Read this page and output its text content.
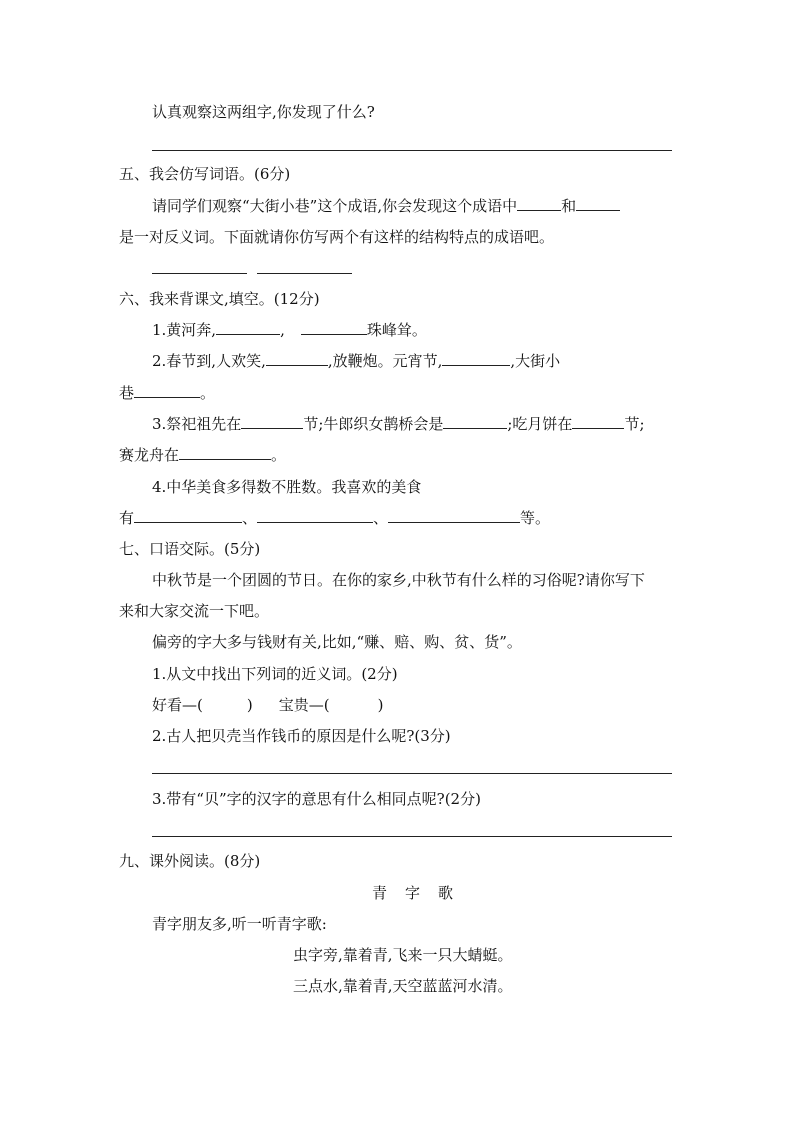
认真观察这两组字,你发现了什么?
五、我会仿写词语。(6分)
请同学们观察“大街小巷”这个成语,你会发现这个成语中	和
是一对反义词。下面就请你仿写两个有这样的结构特点的成语吧。
六、我来背课文,填空。(12分)
1.黄河奔,	,	珠峰耸。
2.春节到,人欢笑,	,放鞭炮。元宵节,	,大街小
巷	。
3.祭祀祖先在	节;牛郎织女鹊桥会是	;吃月饼在	节;
赛龙舟在	。
4.中华美食多得数不胜数。我喜欢的美食
有	、	、	等。
七、口语交际。(5分)
中秋节是一个团圆的节日。在你的家乡,中秋节有什么样的习俗呢?请你写下
来和大家交流一下吧。
偏旁的字大多与钱财有关,比如,“赚、赔、购、贫、货”。
1.从文中找出下列词的近义词。(2分)
好看—(	) 宝贵—(	)
2.古人把贝壳当作钱币的原因是什么呢?(3分)
3.带有“贝”字的汉字的意思有什么相同点呢?(2分)
九、课外阅读。(8分)
青字歌
青字朋友多,听一听青字歌:
虫字旁,靠着青,飞来一只大蜻蜓。
三点水,靠着青,天空蓝蓝河水清。
